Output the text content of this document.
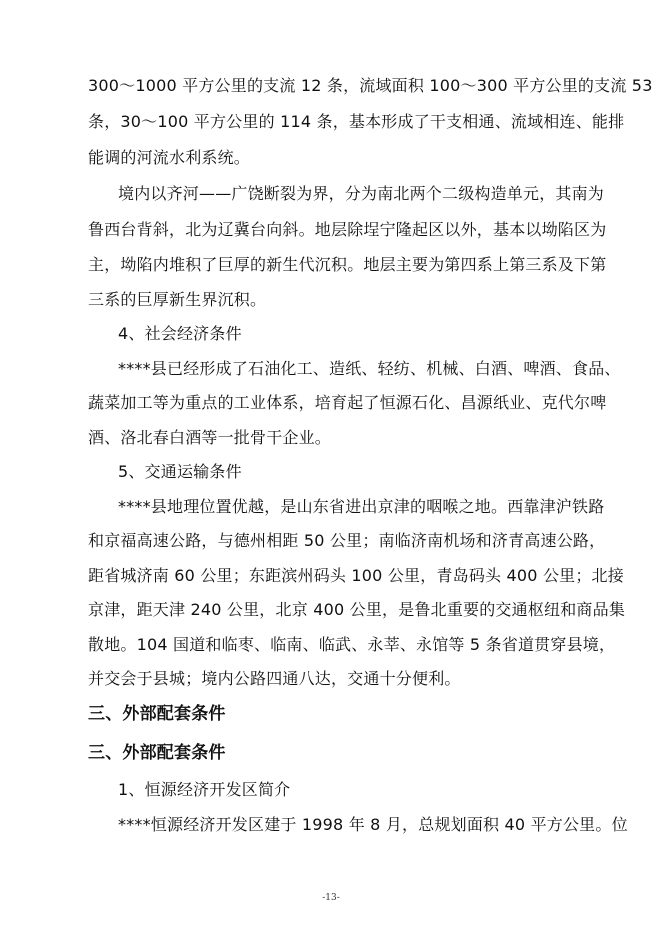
300～1000 平方公里的支流 12 条，流域面积 100～300 平方公里的支流 53
条，30～100 平方公里的 114 条，基本形成了干支相通、流域相连、能排
能调的河流水利系统。
境内以齐河——广饶断裂为界，分为南北两个二级构造单元，其南为
鲁西台背斜，北为辽冀台向斜。地层除埕宁隆起区以外，基本以坳陷区为
主，坳陷内堆积了巨厚的新生代沉积。地层主要为第四系上第三系及下第
三系的巨厚新生界沉积。
4、社会经济条件
****县已经形成了石油化工、造纸、轻纺、机械、白酒、啤酒、食品、
蔬菜加工等为重点的工业体系，培育起了恒源石化、昌源纸业、克代尔啤
酒、洛北春白酒等一批骨干企业。
5、交通运输条件
****县地理位置优越，是山东省进出京津的咽喉之地。西靠津沪铁路
和京福高速公路，与德州相距 50 公里；南临济南机场和济青高速公路，
距省城济南 60 公里；东距滨州码头 100 公里，青岛码头 400 公里；北接
京津，距天津 240 公里，北京 400 公里，是鲁北重要的交通枢纽和商品集
散地。104 国道和临枣、临南、临武、永莘、永馆等 5 条省道贯穿县境，
并交会于县城；境内公路四通八达，交通十分便利。
三、外部配套条件
三、外部配套条件
1、恒源经济开发区简介
****恒源经济开发区建于 1998 年 8 月，总规划面积 40 平方公里。位
-13-
